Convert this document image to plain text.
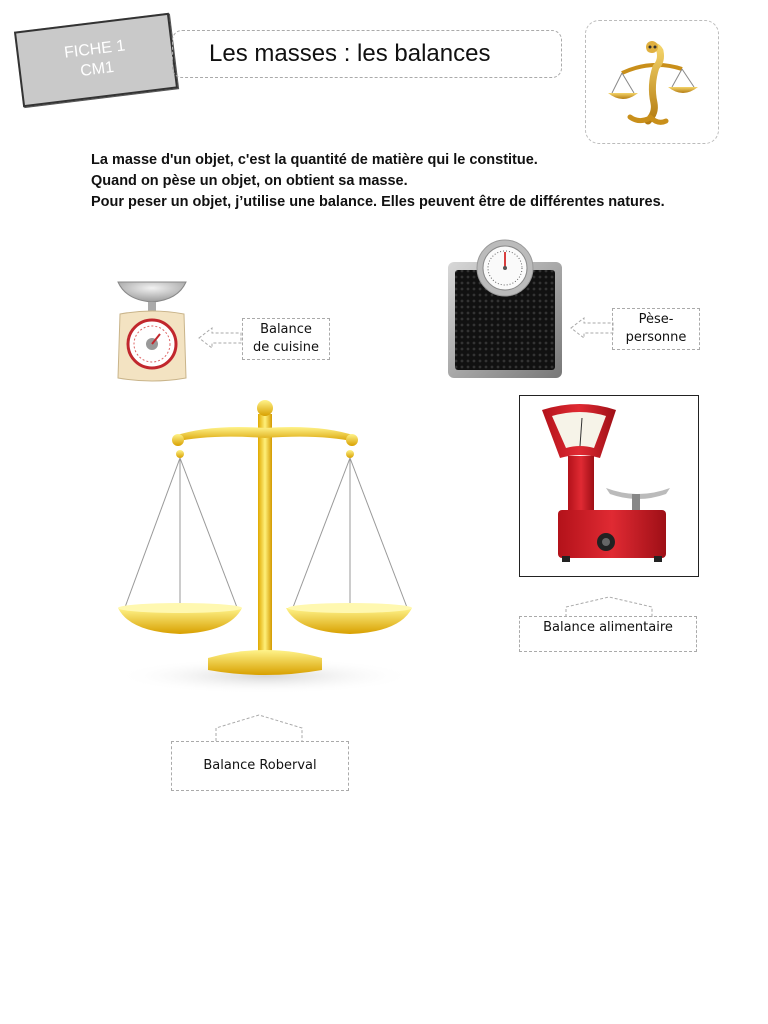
FICHE 1
CM1
Les masses : les balances

La masse d'un objet, c'est la quantité de matière qui le constitue.

Quand on pèse un objet, on obtient sa masse.

Pour peser un objet, j’utilise une balance. Elles peuvent être de différentes natures.

Balance
de cuisine
Pèse-
personne
Balance Roberval
Balance alimentaire
